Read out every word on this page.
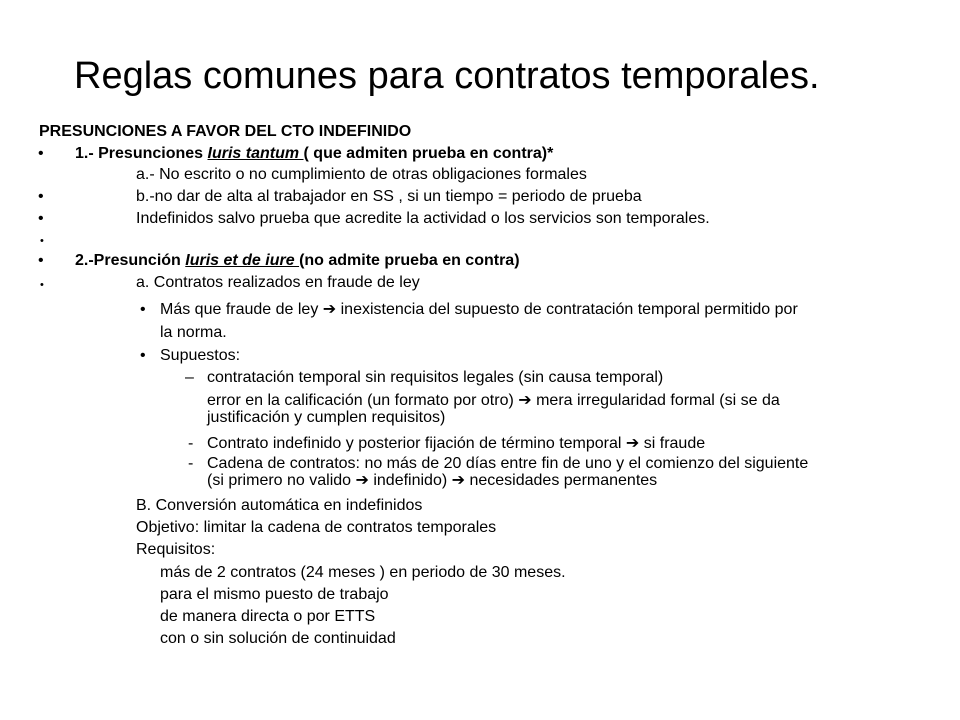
Reglas comunes para contratos temporales.
PRESUNCIONES A FAVOR DEL CTO INDEFINIDO
• 1.- Presunciones Iuris tantum ( que admiten prueba en contra)*
a.- No escrito o no cumplimiento de otras obligaciones formales
•	b.-no dar de alta al trabajador en SS , si un tiempo = periodo de prueba
•	Indefinidos salvo prueba que acredite la actividad o los servicios son temporales.
•
• 2.-Presunción Iuris et de iure (no admite prueba en contra)
•	a. Contratos realizados en fraude de ley
• Más que fraude de ley ➔ inexistencia del supuesto de contratación temporal permitido por
la norma.
• Supuestos:
– contratación temporal sin requisitos legales (sin causa temporal)
error en la calificación (un formato por otro) ➔ mera irregularidad formal (si se da
justificación y cumplen requisitos)
- Contrato indefinido y posterior fijación de término temporal ➔ si fraude
- Cadena de contratos: no más de 20 días entre fin de uno y el comienzo del siguiente
(si primero no valido ➔ indefinido) ➔ necesidades permanentes
B. Conversión automática en indefinidos
Objetivo: limitar la cadena de contratos temporales
Requisitos:
más de 2 contratos (24 meses ) en periodo de 30 meses.
para el mismo puesto de trabajo
de manera directa o por ETTS
con o sin solución de continuidad
